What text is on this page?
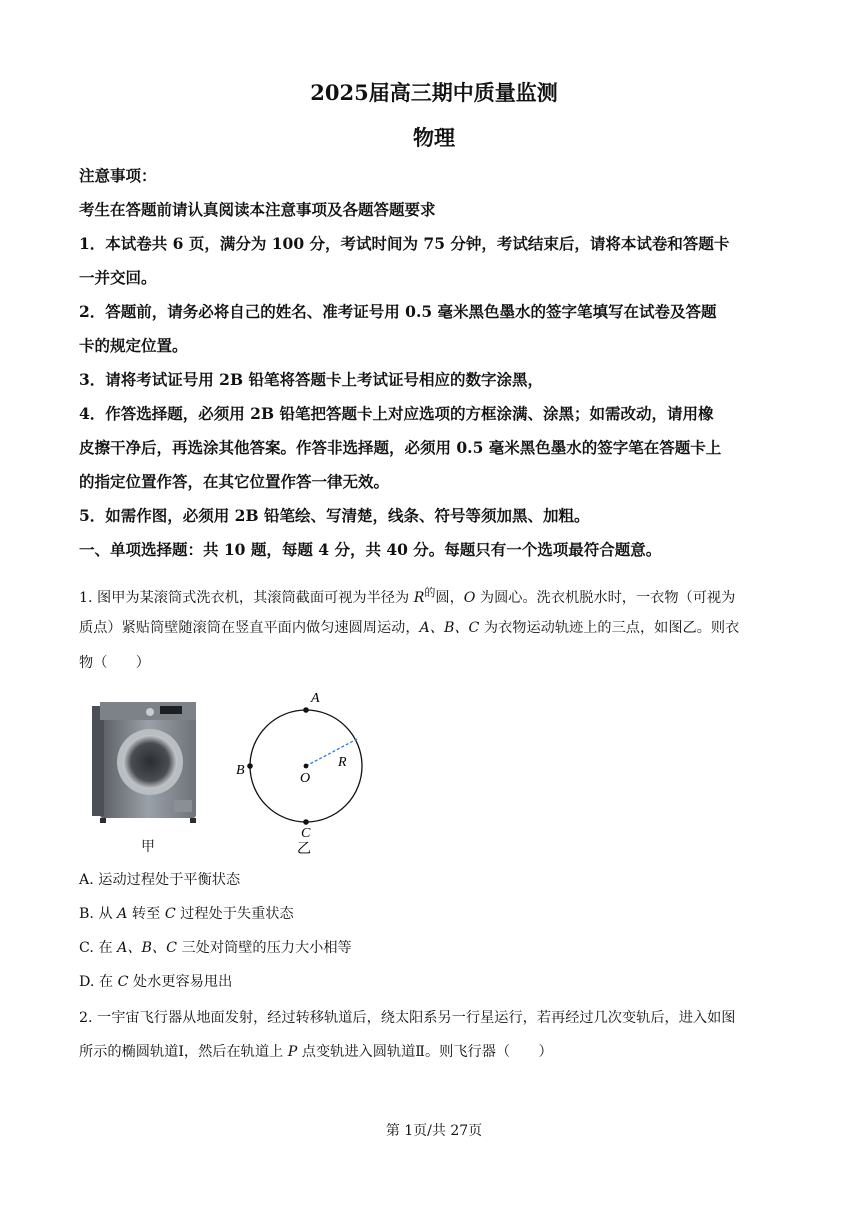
2025届高三期中质量监测
物理
注意事项：
考生在答题前请认真阅读本注意事项及各题答题要求
1．本试卷共 6 页，满分为 100 分，考试时间为 75 分钟，考试结束后，请将本试卷和答题卡
一并交回。
2．答题前，请务必将自己的姓名、准考证号用 0.5 毫米黑色墨水的签字笔填写在试卷及答题
卡的规定位置。
3．请将考试证号用 2B 铅笔将答题卡上考试证号相应的数字涂黑，
4．作答选择题，必须用 2B 铅笔把答题卡上对应选项的方框涂满、涂黑；如需改动，请用橡
皮擦干净后，再选涂其他答案。作答非选择题，必须用 0.5 毫米黑色墨水的签字笔在答题卡上
的指定位置作答，在其它位置作答一律无效。
5．如需作图，必须用 2B 铅笔绘、写清楚，线条、符号等须加黑、加粗。
一、单项选择题：共 10 题，每题 4 分，共 40 分。每题只有一个选项最符合题意。
1. 图甲为某滚筒式洗衣机，其滚筒截面可视为半径为 $R^的$圆，O 为圆心。洗衣机脱水时，一衣物（可视为
质点）紧贴筒壁随滚筒在竖直平面内做匀速圆周运动，A、B、C 为衣物运动轨迹上的三点，如图乙。则衣
物（　　）
甲
A
B
O
R
C
乙
A. 运动过程处于平衡状态
B. 从 A 转至 C 过程处于失重状态
C. 在 A、B、C 三处对筒壁的压力大小相等
D. 在 C 处水更容易甩出
2. 一宇宙飞行器从地面发射，经过转移轨道后，绕太阳系另一行星运行，若再经过几次变轨后，进入如图
所示的椭圆轨道Ⅰ，然后在轨道上 P 点变轨进入圆轨道Ⅱ。则飞行器（　　）
第 1页/共 27页
